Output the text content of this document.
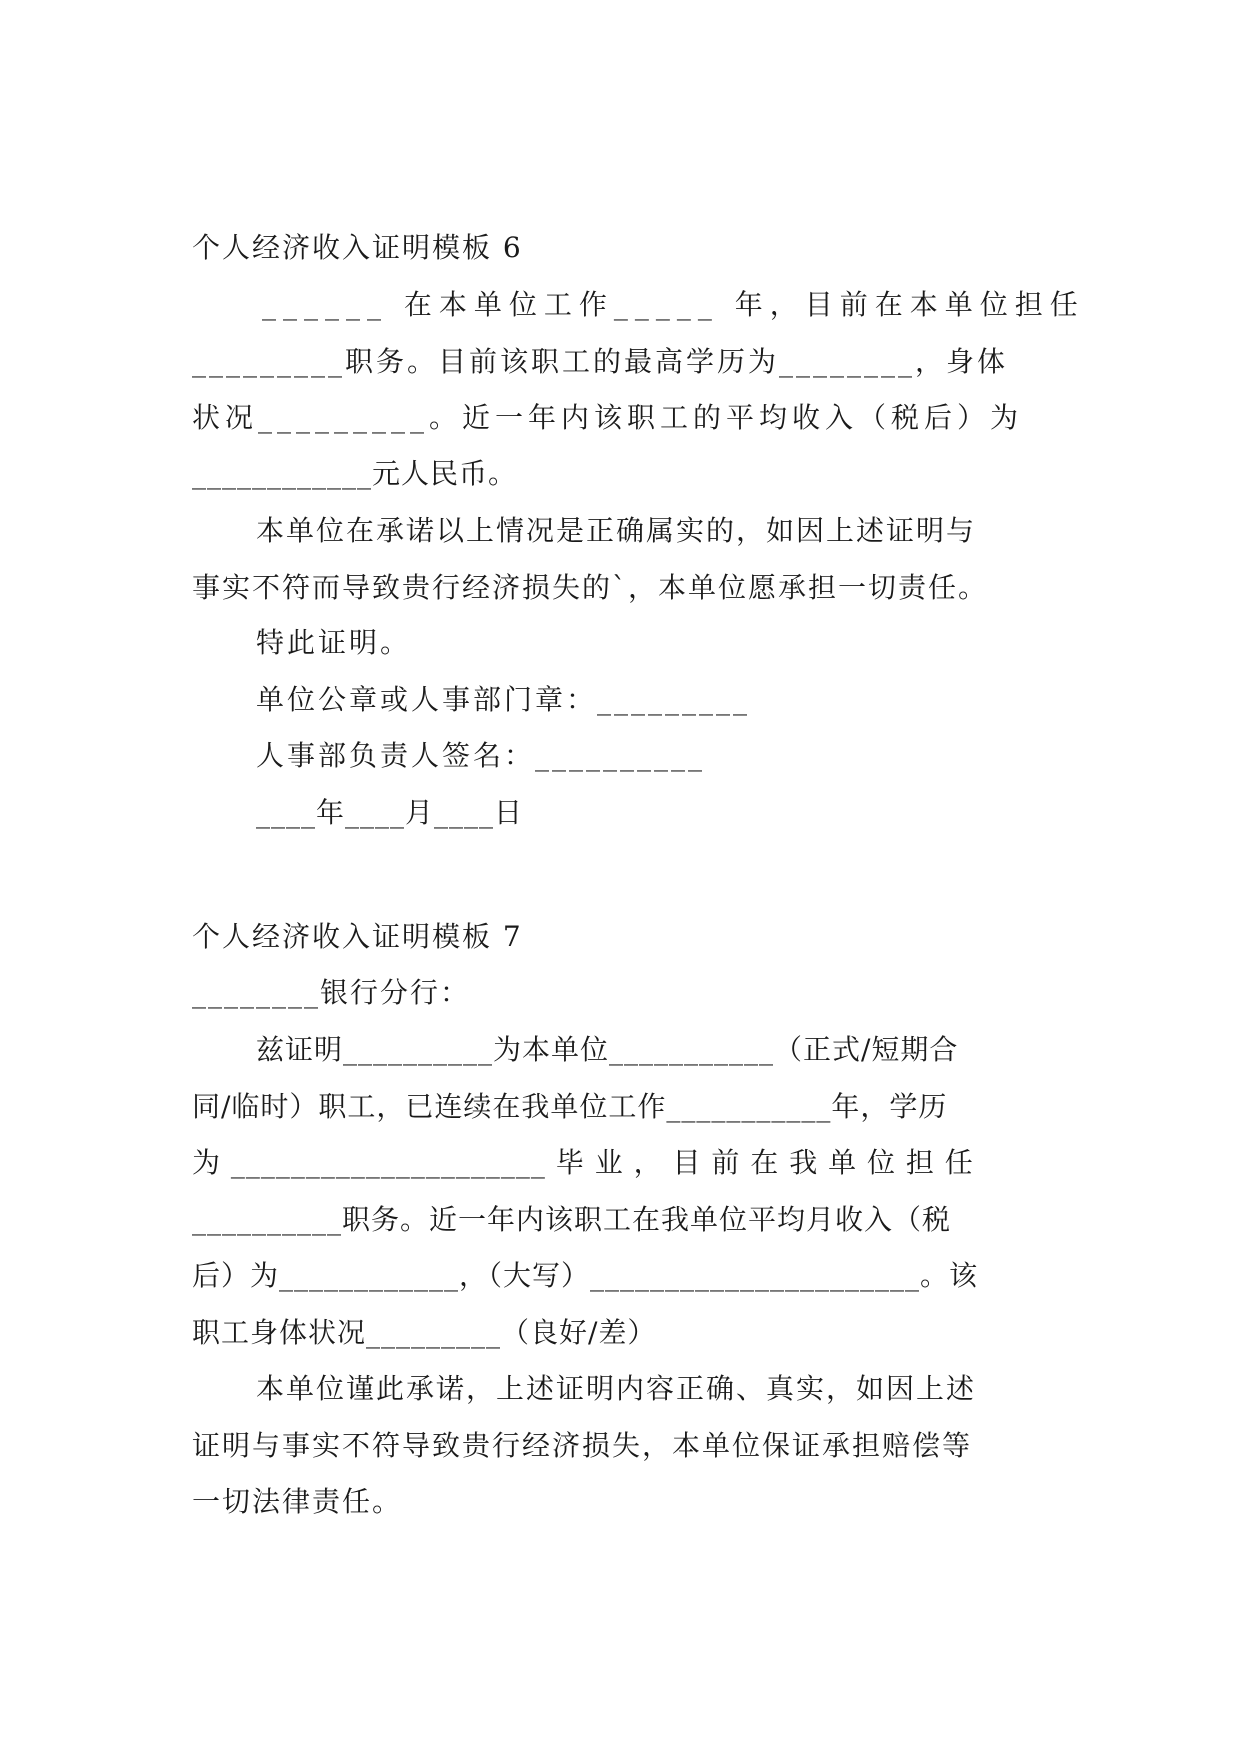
个人经济收入证明模板 6
______ 在本单位工作_____ 年，目前在本单位担任
_________职务。目前该职工的最高学历为________，身体
状况_________。近一年内该职工的平均收入（税后）为
____________元人民币。
本单位在承诺以上情况是正确属实的，如因上述证明与
事实不符而导致贵行经济损失的`，本单位愿承担一切责任。
特此证明。
单位公章或人事部门章：_________
人事部负责人签名：__________
____年____月____日
个人经济收入证明模板 7
________银行分行：
兹证明__________为本单位___________（正式/短期合
同/临时）职工，已连续在我单位工作___________年，学历
为 _____________________ 毕 业 ， 目 前 在 我 单 位 担 任
__________职务。近一年内该职工在我单位平均月收入（税
后）为____________，（大写）______________________。该
职工身体状况_________（良好/差）
本单位谨此承诺，上述证明内容正确、真实，如因上述
证明与事实不符导致贵行经济损失，本单位保证承担赔偿等
一切法律责任。
